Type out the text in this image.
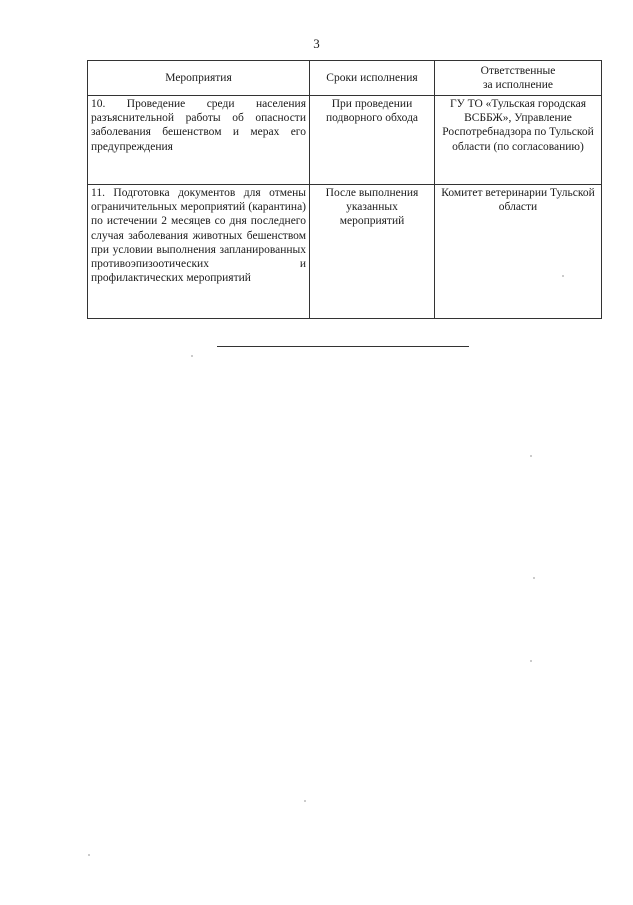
3
Мероприятия	Сроки исполнения	Ответственные
за исполнение
10. Проведение среди населения разъяснительной работы об опасности заболевания бешенством и мерах его предупреждения	При проведении подворного обхода	ГУ ТО «Тульская городская ВСББЖ», Управление Роспотребнадзора по Тульской области (по согласованию)
11. Подготовка документов для отмены ограничительных мероприятий (карантина) по истечении 2 месяцев со дня последнего случая заболевания животных бешенством при условии выполнения запланированных противоэпизоотических и профилактических мероприятий	После выполнения указанных мероприятий	Комитет ветеринарии Тульской области
